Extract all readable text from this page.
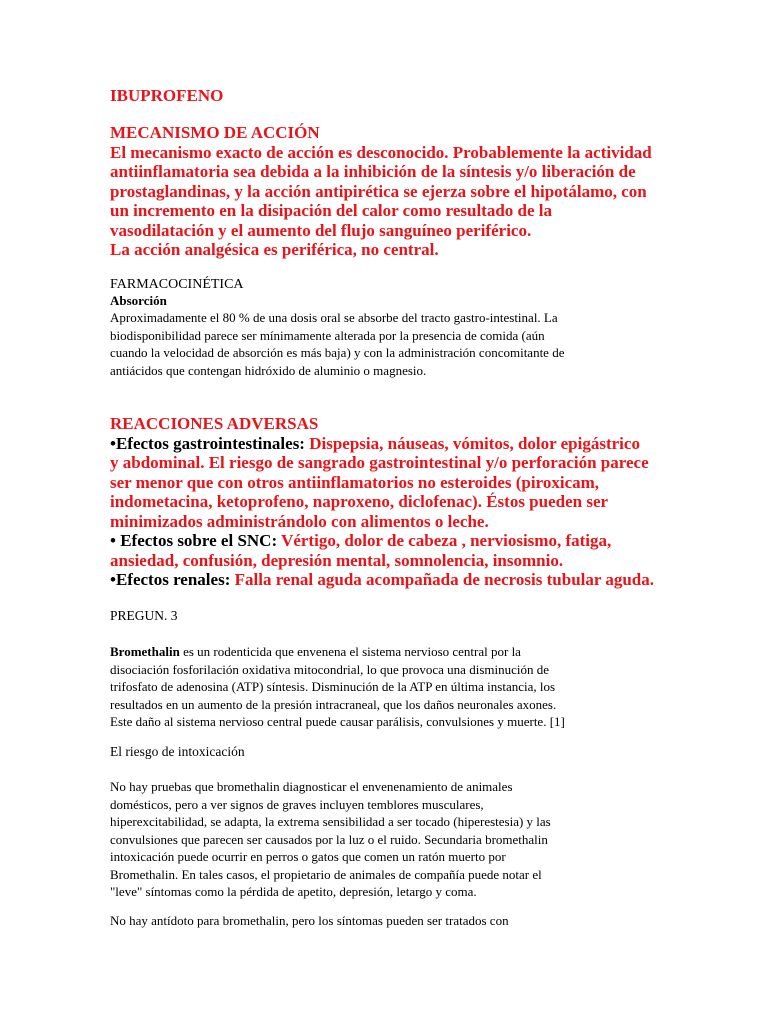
IBUPROFENO

MECANISMO DE ACCIÓN

El mecanismo exacto de acción es desconocido. Probablemente la actividad
antiinflamatoria sea debida a la inhibición de la síntesis y/o liberación de
prostaglandinas, y la acción antipirética se ejerza sobre el hipotálamo, con
un incremento en la disipación del calor como resultado de la
vasodilatación y el aumento del flujo sanguíneo periférico.
La acción analgésica es periférica, no central.

FARMACOCINÉTICA

Absorción

Aproximadamente el 80 % de una dosis oral se absorbe del tracto gastro-intestinal. La
biodisponibilidad parece ser mínimamente alterada por la presencia de comida (aún
cuando la velocidad de absorción es más baja) y con la administración concomitante de
antiácidos que contengan hidróxido de aluminio o magnesio.

REACCIONES ADVERSAS

•Efectos gastrointestinales: Dispepsia, náuseas, vómitos, dolor epigástrico
y abdominal. El riesgo de sangrado gastrointestinal y/o perforación parece
ser menor que con otros antiinflamatorios no esteroides (piroxicam,
indometacina, ketoprofeno, naproxeno, diclofenac). Éstos pueden ser
minimizados administrándolo con alimentos o leche.
• Efectos sobre el SNC: Vértigo, dolor de cabeza , nerviosismo, fatiga,
ansiedad, confusión, depresión mental, somnolencia, insomnio.
•Efectos renales: Falla renal aguda acompañada de necrosis tubular aguda.

PREGUN. 3

Bromethalin es un rodenticida que envenena el sistema nervioso central por la
disociación fosforilación oxidativa mitocondrial, lo que provoca una disminución de
trifosfato de adenosina (ATP) síntesis. Disminución de la ATP en última instancia, los
resultados en un aumento de la presión intracraneal, que los daños neuronales axones.
Este daño al sistema nervioso central puede causar parálisis, convulsiones y muerte. [1]

El riesgo de intoxicación

No hay pruebas que bromethalin diagnosticar el envenenamiento de animales
domésticos, pero a ver signos de graves incluyen temblores musculares,
hiperexcitabilidad, se adapta, la extrema sensibilidad a ser tocado (hiperestesia) y las
convulsiones que parecen ser causados por la luz o el ruido. Secundaria bromethalin
intoxicación puede ocurrir en perros o gatos que comen un ratón muerto por
Bromethalin. En tales casos, el propietario de animales de compañía puede notar el
"leve" síntomas como la pérdida de apetito, depresión, letargo y coma.

No hay antídoto para bromethalin, pero los síntomas pueden ser tratados con
